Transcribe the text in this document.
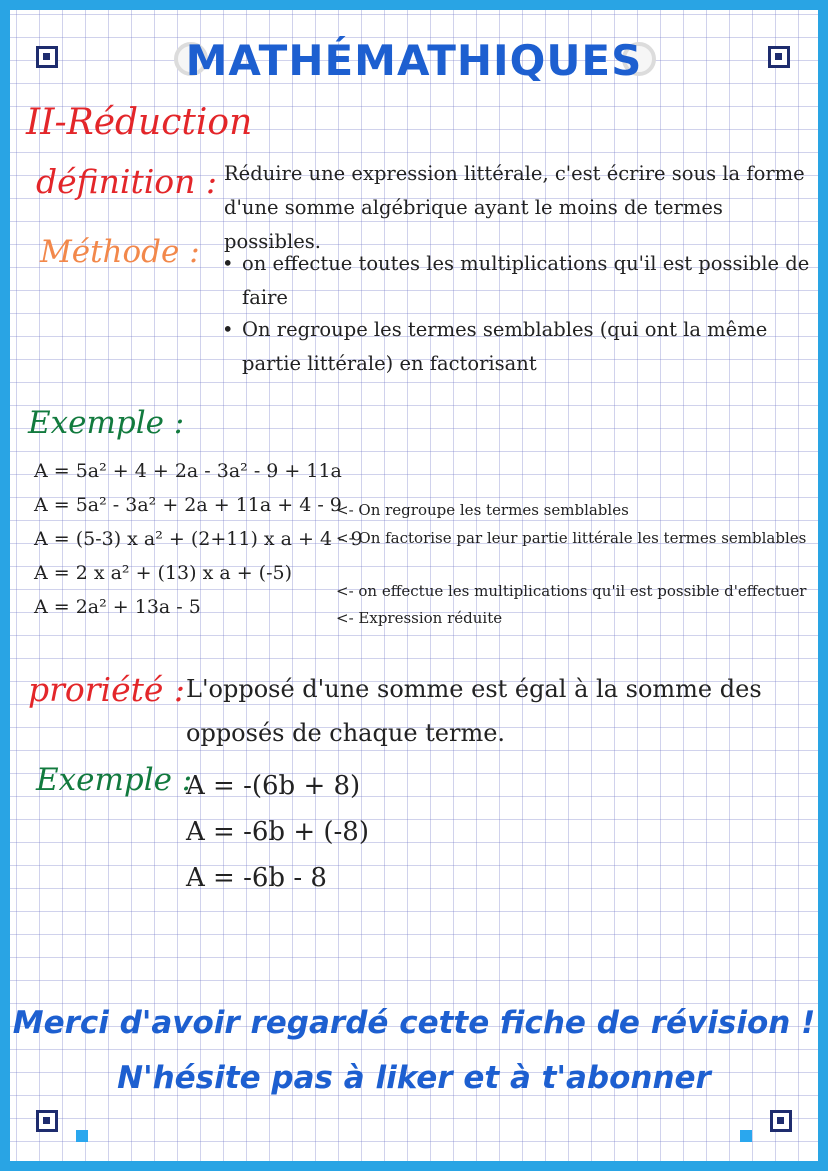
MATHÉMATHIQUES
II-Réduction
définition : Réduire une expression littérale, c'est écrire sous la forme
d'une somme algébrique ayant le moins de termes possibles.
Méthode : • on effectue toutes les multiplications qu'il est possible de
faire
• On regroupe les termes semblables (qui ont la même
partie littérale) en factorisant
Exemple :
A = 5a² + 4 + 2a - 3a² - 9 + 11a
A = 5a² - 3a² + 2a + 11a + 4 - 9
A = (5-3) x a² + (2+11) x a + 4 - 9
A = 2 x a² + (13) x a + (-5)
A = 2a² + 13a - 5
<- On regroupe les termes semblables
<- On factorise par leur partie littérale les termes semblables
<- on effectue les multiplications qu'il est possible d'effectuer
<- Expression réduite
proriété : L'opposé d'une somme est égal à la somme des
opposés de chaque terme.
Exemple :
A = -(6b + 8)
A = -6b + (-8)
A = -6b - 8
Merci d'avoir regardé cette fiche de révision !
N'hésite pas à liker et à t'abonner
